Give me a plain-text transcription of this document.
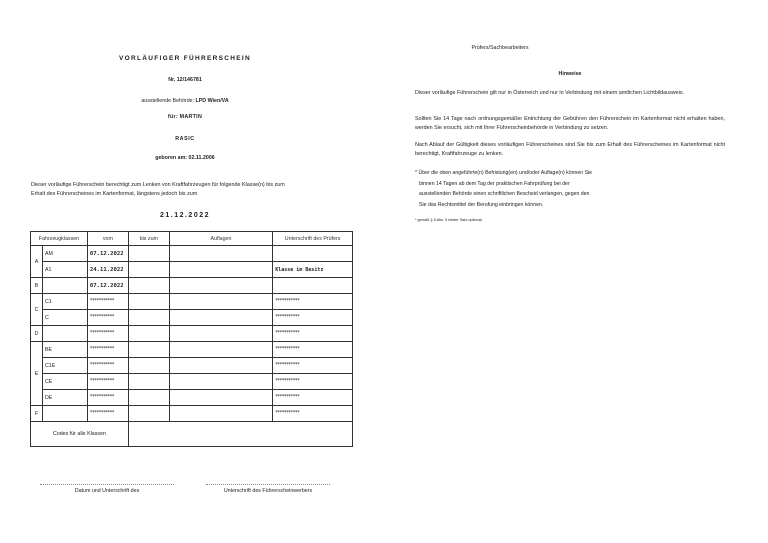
VORLÄUFIGER FÜHRERSCHEIN
Nr. 12/146781
ausstellende Behörde: LPD Wien/VA
für: MARTIN
RASIC
geboren am: 02.11.2006
Dieser vorläufige Führerschein berechtigt zum Lenken von Kraftfahrzeugen für folgende Klasse(n) bis zum
Erhalt des Führerscheines im Kartenformat, längstens jedoch bis zum
21.12.2022
Fahrzeugklassen		vom	bis zum	Auflagen	Unterschrift des Prüfers
A	AM	07.12.2022			
	A1	24.11.2022			Klasse im Besitz
B		07.12.2022			
C	C1	***********			***********
	C	***********			***********
D		***********			***********
E	BE	***********			***********
	C1E	***********			***********
	CE	***********			***********
	DE	***********			***********
F		***********			***********
Codes für alle Klassen					
Datum und Unterschrift des	Unterschrift des Führerscheinwerbers
Prüfers/Sachbearbeiters
Hinweise
Dieser vorläufige Führerschein gilt nur in Österreich und nur in Verbindung mit einem amtlichen Lichtbildausweis.
Sollten Sie 14 Tage nach ordnungsgemäßer Entrichtung der Gebühren den Führerschein im Kartenformat nicht erhalten haben, werden Sie ersucht, sich mit Ihrer Führerscheinbehörde in Verbindung zu setzen.
Nach Ablauf der Gültigkeit dieses vorläufigen Führerscheines sind Sie bis zum Erhalt des Führerscheines im Kartenformat nicht berechtigt, Kraftfahrzeuge zu lenken.
* Über die oben angeführte(n) Befristung(en) und/oder Auflage(n) können Sie
binnen 14 Tagen ab dem Tag der praktischen Fahrprüfung bei der
ausstellenden Behörde einen schriftlichen Bescheid verlangen, gegen den
Sie das Rechtsmittel der Berufung einbringen können.
* gemäß § 5 Abs. 5 letzter Satz optional
